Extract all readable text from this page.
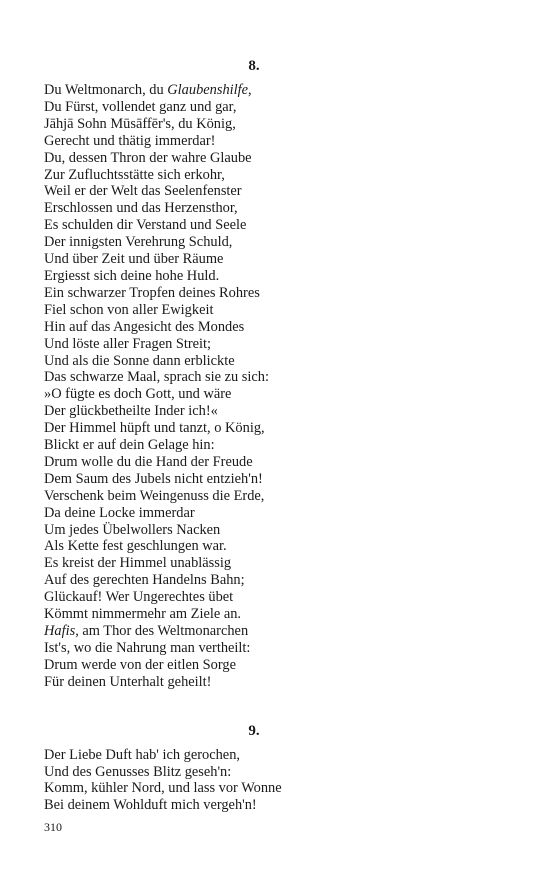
8.
Du Weltmonarch, du Glaubenshilfe,
Du Fürst, vollendet ganz und gar,
Jāhjā Sohn Mūsāffēr's, du König,
Gerecht und thätig immerdar!
Du, dessen Thron der wahre Glaube
Zur Zufluchtsstätte sich erkohr,
Weil er der Welt das Seelenfenster
Erschlossen und das Herzensthor,
Es schulden dir Verstand und Seele
Der innigsten Verehrung Schuld,
Und über Zeit und über Räume
Ergiesst sich deine hohe Huld.
Ein schwarzer Tropfen deines Rohres
Fiel schon von aller Ewigkeit
Hin auf das Angesicht des Mondes
Und löste aller Fragen Streit;
Und als die Sonne dann erblickte
Das schwarze Maal, sprach sie zu sich:
»O fügte es doch Gott, und wäre
Der glückbetheilte Inder ich!«
Der Himmel hüpft und tanzt, o König,
Blickt er auf dein Gelage hin:
Drum wolle du die Hand der Freude
Dem Saum des Jubels nicht entzieh'n!
Verschenk beim Weingenuss die Erde,
Da deine Locke immerdar
Um jedes Übelwollers Nacken
Als Kette fest geschlungen war.
Es kreist der Himmel unablässig
Auf des gerechten Handelns Bahn;
Glückauf! Wer Ungerechtes übet
Kömmt nimmermehr am Ziele an.
Hafis, am Thor des Weltmonarchen
Ist's, wo die Nahrung man vertheilt:
Drum werde von der eitlen Sorge
Für deinen Unterhalt geheilt!
9.
Der Liebe Duft hab' ich gerochen,
Und des Genusses Blitz geseh'n:
Komm, kühler Nord, und lass vor Wonne
Bei deinem Wohlduft mich vergeh'n!
310
